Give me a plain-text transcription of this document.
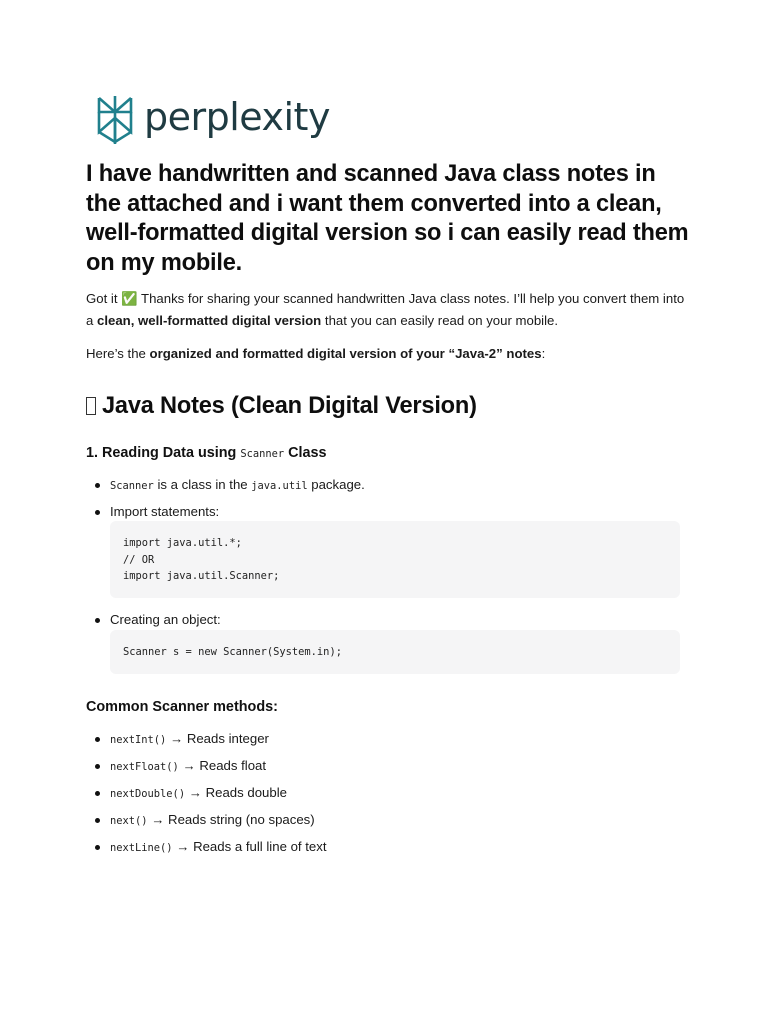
perplexity
I have handwritten and scanned Java class notes in the attached and i want them converted into a clean, well-formatted digital version so i can easily read them on my mobile.

Got it ✅ Thanks for sharing your scanned handwritten Java class notes. I’ll help you convert them into a clean, well-formatted digital version that you can easily read on your mobile.

Here’s the organized and formatted digital version of your “Java-2” notes:

Java Notes (Clean Digital Version)
1. Reading Data using Scanner Class
Scanner is a class in the java.util package.
Import statements:
import java.util.*;
// OR
import java.util.Scanner;
Creating an object:
Scanner s = new Scanner(System.in);
Common Scanner methods:
nextInt() → Reads integer
nextFloat() → Reads float
nextDouble() → Reads double
next() → Reads string (no spaces)
nextLine() → Reads a full line of text
